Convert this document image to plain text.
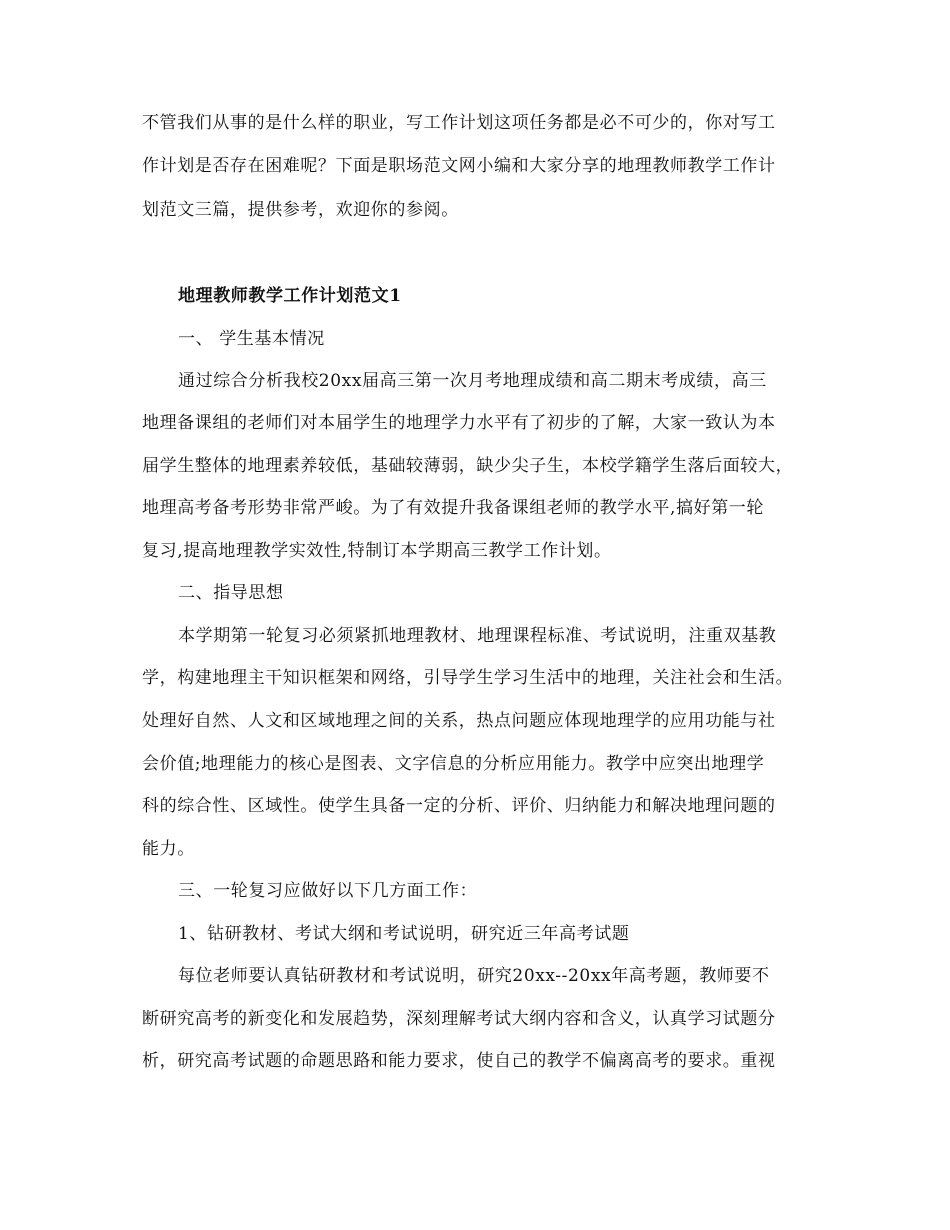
不管我们从事的是什么样的职业，写工作计划这项任务都是必不可少的，你对写工
作计划是否存在困难呢？下面是职场范文网小编和大家分享的地理教师教学工作计
划范文三篇，提供参考，欢迎你的参阅。
地理教师教学工作计划范文1
一、 学生基本情况
通过综合分析我校20xx届高三第一次月考地理成绩和高二期末考成绩，高三
地理备课组的老师们对本届学生的地理学力水平有了初步的了解，大家一致认为本
届学生整体的地理素养较低，基础较薄弱，缺少尖子生，本校学籍学生落后面较大，
地理高考备考形势非常严峻。为了有效提升我备课组老师的教学水平,搞好第一轮
复习,提高地理教学实效性,特制订本学期高三教学工作计划。
二、指导思想
本学期第一轮复习必须紧抓地理教材、地理课程标准、考试说明，注重双基教
学，构建地理主干知识框架和网络，引导学生学习生活中的地理，关注社会和生活。
处理好自然、人文和区域地理之间的关系，热点问题应体现地理学的应用功能与社
会价值;地理能力的核心是图表、文字信息的分析应用能力。教学中应突出地理学
科的综合性、区域性。使学生具备一定的分析、评价、归纳能力和解决地理问题的
能力。
三、一轮复习应做好以下几方面工作：
1、钻研教材、考试大纲和考试说明，研究近三年高考试题
每位老师要认真钻研教材和考试说明，研究20xx--20xx年高考题，教师要不
断研究高考的新变化和发展趋势，深刻理解考试大纲内容和含义，认真学习试题分
析，研究高考试题的命题思路和能力要求，使自己的教学不偏离高考的要求。重视
